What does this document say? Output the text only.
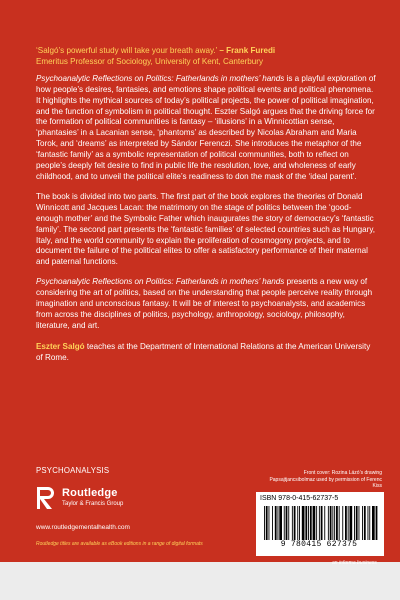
‘Salgó’s powerful study will take your breath away.’ – Frank Furedi
Emeritus Professor of Sociology, University of Kent, Canterbury

Psychoanalytic Reflections on Politics: Fatherlands in mothers’ hands is a playful exploration of how people’s desires, fantasies, and emotions shape political events and political phenomena. It highlights the mythical sources of today’s political projects, the power of political imagination, and the function of symbolism in political thought. Eszter Salgó argues that the driving force for the formation of political communities is fantasy – ‘illusions’ in a Winnicottian sense, ‘phantasies’ in a Lacanian sense, ‘phantoms’ as described by Nicolas Abraham and Maria Torok, and ‘dreams’ as interpreted by Sándor Ferenczi. She introduces the metaphor of the ‘fantastic family’ as a symbolic representation of political communities, both to reflect on people’s deeply felt desire to find in public life the resolution, love, and wholeness of early childhood, and to unveil the political elite’s readiness to don the mask of the ‘ideal parent’.

The book is divided into two parts. The first part of the book explores the theories of Donald Winnicott and Jacques Lacan: the matrimony on the stage of politics between the ‘good-enough mother’ and the Symbolic Father which inaugurates the story of democracy’s ‘fantastic family’. The second part presents the ‘fantastic families’ of selected countries such as Hungary, Italy, and the world community to explain the proliferation of cosmogony projects, and to document the failure of the political elites to offer a satisfactory performance of their maternal and paternal functions.

Psychoanalytic Reflections on Politics: Fatherlands in mothers’ hands presents a new way of considering the art of politics, based on the understanding that people perceive reality through imagination and unconscious fantasy. It will be of interest to psychoanalysts, and academics from across the disciplines of politics, psychology, anthropology, sociology, philosophy, literature, and art.

Eszter Salgó teaches at the Department of International Relations at the American University of Rome.

PSYCHOANALYSIS
Routledge
Taylor & Francis Group
www.routledgementalhealth.com
Routledge titles are available as eBook editions in a range of digital formats
Front cover: Rozina Lázó’s drawing
Papsajtjancsibolmaz used by permission of Ferenc Kiss
ISBN 978-0-415-62737-5
9 780415 627375
an informa business
